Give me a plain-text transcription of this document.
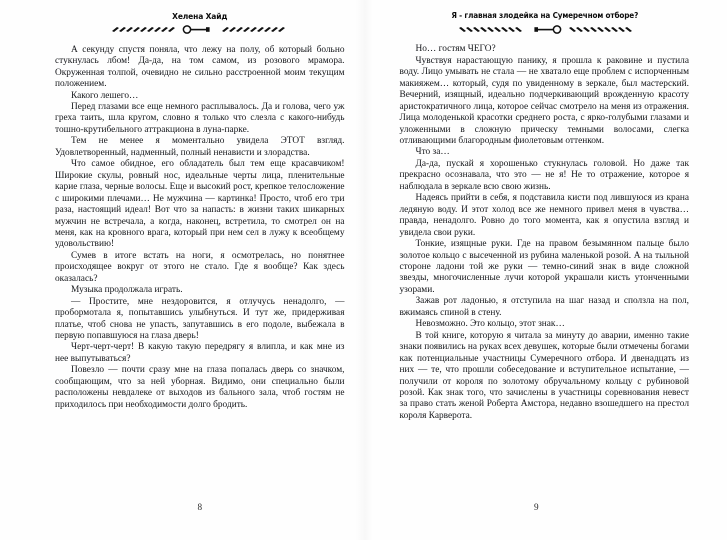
Хелена Хайд

А секунду спустя поняла, что лежу на полу, об который больно стукнулась лбом! Да-да, на том самом, из розового мрамора. Окруженная толпой, очевидно не сильно расстроенной моим текущим положением.

Какого лешего…

Перед глазами все еще немного расплывалось. Да и голова, чего уж греха таить, шла кругом, словно я только что слезла с какого-нибудь тошно-крутибельного аттракциона в луна-парке.

Тем не менее я моментально увидела ЭТОТ взгляд. Удовлетворенный, надменный, полный ненависти и злорадства.

Что самое обидное, его обладатель был тем еще красавчиком! Широкие скулы, ровный нос, идеальные черты лица, пленительные карие глаза, черные волосы. Еще и высокий рост, крепкое телосложение с широкими плечами… Не мужчина — картинка! Просто, чтоб его три раза, настоящий идеал! Вот что за напасть: в жизни таких шикарных мужчин не встречала, а когда, наконец, встретила, то смотрел он на меня, как на кровного врага, который при нем сел в лужу к всеобщему удовольствию!

Сумев в итоге встать на ноги, я осмотрелась, но понятнее происходящее вокруг от этого не стало. Где я вообще? Как здесь оказалась?

Музыка продолжала играть.

— Простите, мне нездоровится, я отлучусь ненадолго, — пробормотала я, попытавшись улыбнуться. И тут же, придерживая платье, чтоб снова не упасть, запутавшись в его подоле, выбежала в первую попавшуюся на глаза дверь!

Черт-черт-черт! В какую такую передрягу я влипла, и как мне из нее выпутываться?

Повезло — почти сразу мне на глаза попалась дверь со значком, сообщающим, что за ней уборная. Видимо, они специально были расположены невдалеке от выходов из бального зала, чтоб гостям не приходилось при необходимости долго бродить.

8
Я - главная злодейка на Сумеречном отборе?

Но… гостям ЧЕГО?

Чувствуя нарастающую панику, я прошла к раковине и пустила воду. Лицо умывать не стала — не хватало еще проблем с испорченным макияжем… который, судя по увиденному в зеркале, был мастерский. Вечерний, изящный, идеально подчеркивающий врожденную красоту аристократичного лица, которое сейчас смотрело на меня из отражения. Лица молоденькой красотки среднего роста, с ярко-голубыми глазами и уложенными в сложную прическу темными волосами, слегка отливающими благородным фиолетовым оттенком.

Что за…

Да-да, пускай я хорошенько стукнулась головой. Но даже так прекрасно осознавала, что это — не я! Не то отражение, которое я наблюдала в зеркале всю свою жизнь.

Надеясь прийти в себя, я подставила кисти под лившуюся из крана ледяную воду. И этот холод все же немного привел меня в чувства… правда, ненадолго. Ровно до того момента, как я опустила взгляд и увидела свои руки.

Тонкие, изящные руки. Где на правом безымянном пальце было золотое кольцо с высеченной из рубина маленькой розой. А на тыльной стороне ладони той же руки — темно-синий знак в виде сложной звезды, многочисленные лучи которой украшали кисть утонченными узорами.

Зажав рот ладонью, я отступила на шаг назад и сползла на пол, вжимаясь спиной в стену.

Невозможно. Это кольцо, этот знак…

В той книге, которую я читала за минуту до аварии, именно такие знаки появились на руках всех девушек, которые были отмечены богами как потенциальные участницы Сумеречного отбора. И двенадцать из них — те, что прошли собеседование и вступительное испытание, — получили от короля по золотому обручальному кольцу с рубиновой розой. Как знак того, что зачислены в участницы соревнования невест за право стать женой Роберта Амстора, недавно взошедшего на престол короля Карверота.

9
